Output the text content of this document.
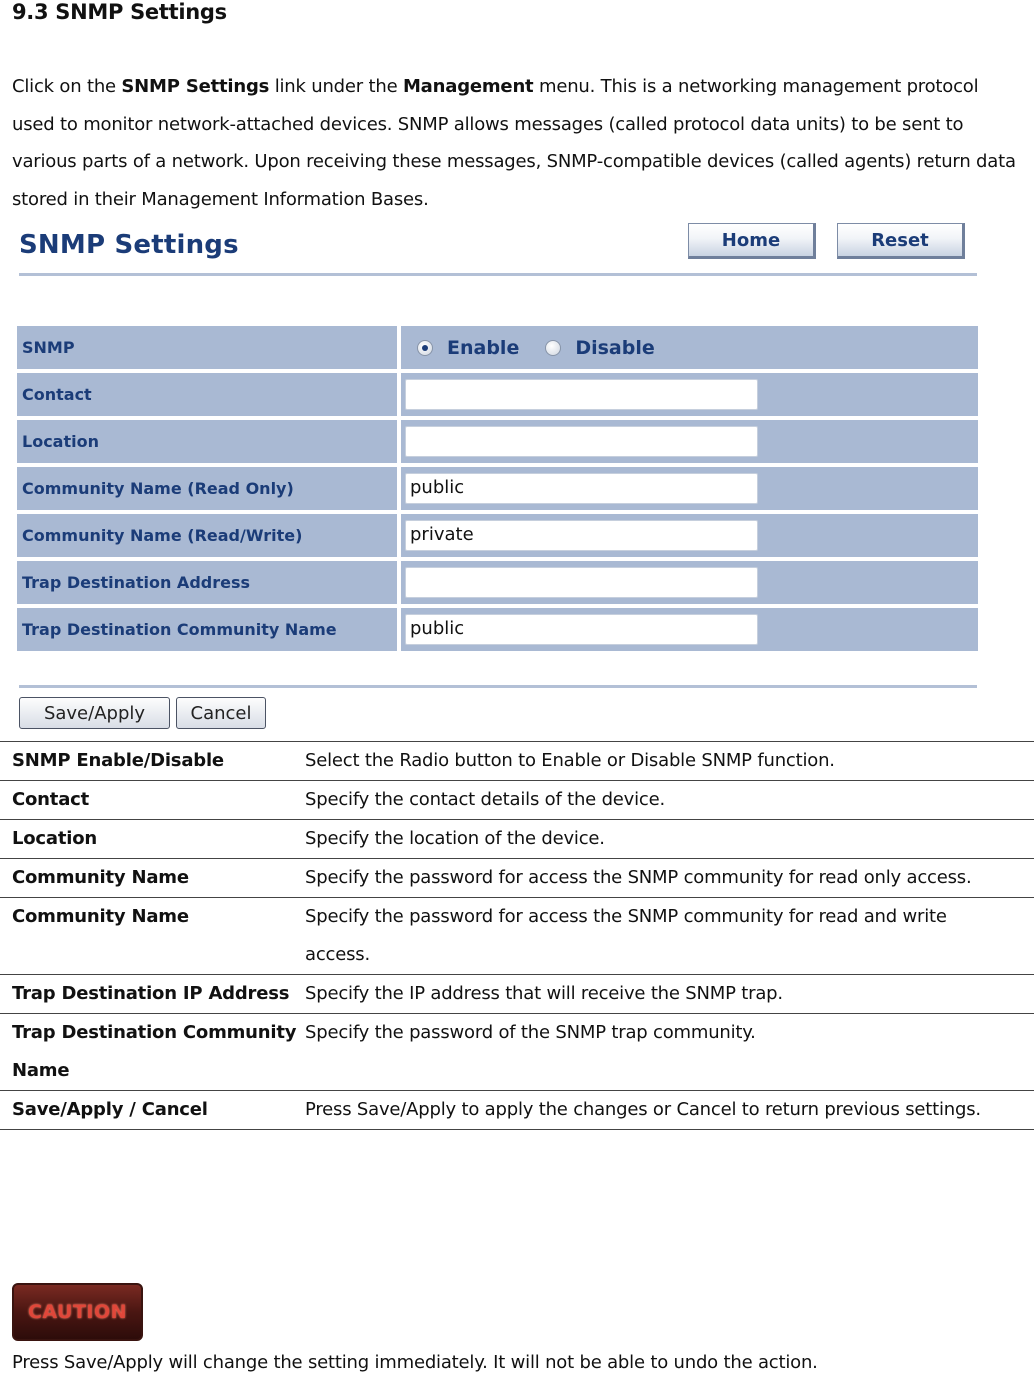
9.3 SNMP Settings
Click on the SNMP Settings link under the Management menu. This is a networking management protocol used to monitor network-attached devices. SNMP allows messages (called protocol data units) to be sent to various parts of a network. Upon receiving these messages, SNMP-compatible devices (called agents) return data stored in their Management Information Bases.
SNMP Settings	Home	Reset
SNMP	Enable	Disable
Contact
Location
Community Name (Read Only)	public
Community Name (Read/Write)	private
Trap Destination Address
Trap Destination Community Name	public
Save/Apply	Cancel
SNMP Enable/Disable	Select the Radio button to Enable or Disable SNMP function.
Contact	Specify the contact details of the device.
Location	Specify the location of the device.
Community Name	Specify the password for access the SNMP community for read only access.
Community Name	Specify the password for access the SNMP community for read and write access.
Trap Destination IP Address	Specify the IP address that will receive the SNMP trap.
Trap Destination Community Name	Specify the password of the SNMP trap community.
Save/Apply / Cancel	Press Save/Apply to apply the changes or Cancel to return previous settings.
CAUTION
Press Save/Apply will change the setting immediately. It will not be able to undo the action.
